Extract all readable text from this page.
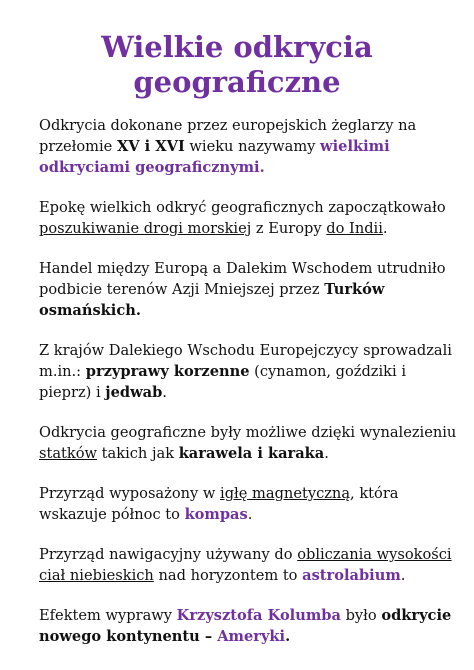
Wielkie odkrycia
geograficzne

Odkrycia dokonane przez europejskich żeglarzy na
przełomie XV i XVI wieku nazywamy wielkimi
odkryciami geograficznymi.

Epokę wielkich odkryć geograficznych zapoczątkowało
poszukiwanie drogi morskiej z Europy do Indii.

Handel między Europą a Dalekim Wschodem utrudniło
podbicie terenów Azji Mniejszej przez Turków
osmańskich.

Z krajów Dalekiego Wschodu Europejczycy sprowadzali
m.in.: przyprawy korzenne (cynamon, goździki i
pieprz) i jedwab.

Odkrycia geograficzne były możliwe dzięki wynalezieniu
statków takich jak karawela i karaka.

Przyrząd wyposażony w igłę magnetyczną, która
wskazuje północ to kompas.

Przyrząd nawigacyjny używany do obliczania wysokości
ciał niebieskich nad horyzontem to astrolabium.

Efektem wyprawy Krzysztofa Kolumba było odkrycie
nowego kontynentu – Ameryki.
